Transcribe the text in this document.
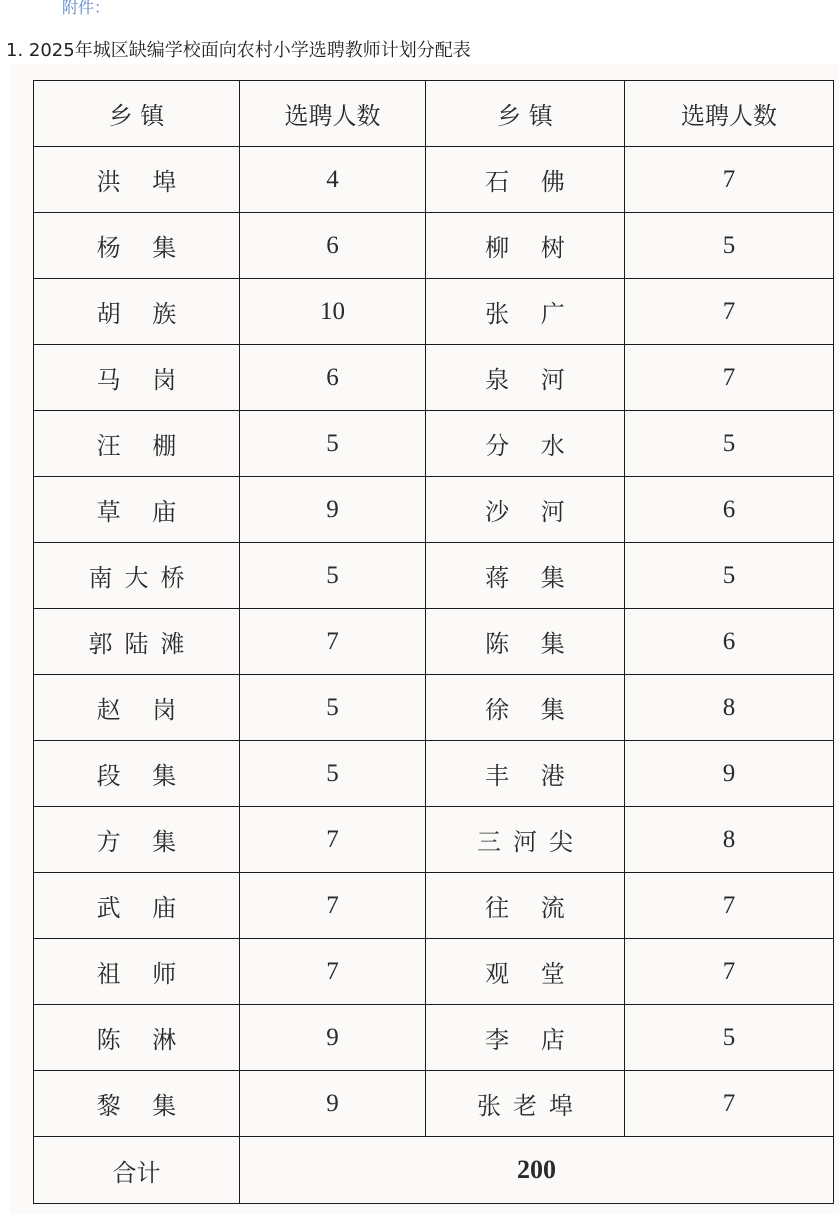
附件：
1. 2025年城区缺编学校面向农村小学选聘教师计划分配表
乡 镇	选聘人数	乡 镇	选聘人数
洪 埠	4	石 佛	7
杨 集	6	柳 树	5
胡 族	10	张 广	7
马 岗	6	泉 河	7
汪 棚	5	分 水	5
草 庙	9	沙 河	6
南大桥	5	蒋 集	5
郭陆滩	7	陈 集	6
赵 岗	5	徐 集	8
段 集	5	丰 港	9
方 集	7	三河尖	8
武 庙	7	往 流	7
祖 师	7	观 堂	7
陈 淋	9	李 店	5
黎 集	9	张老埠	7
合计	200		
